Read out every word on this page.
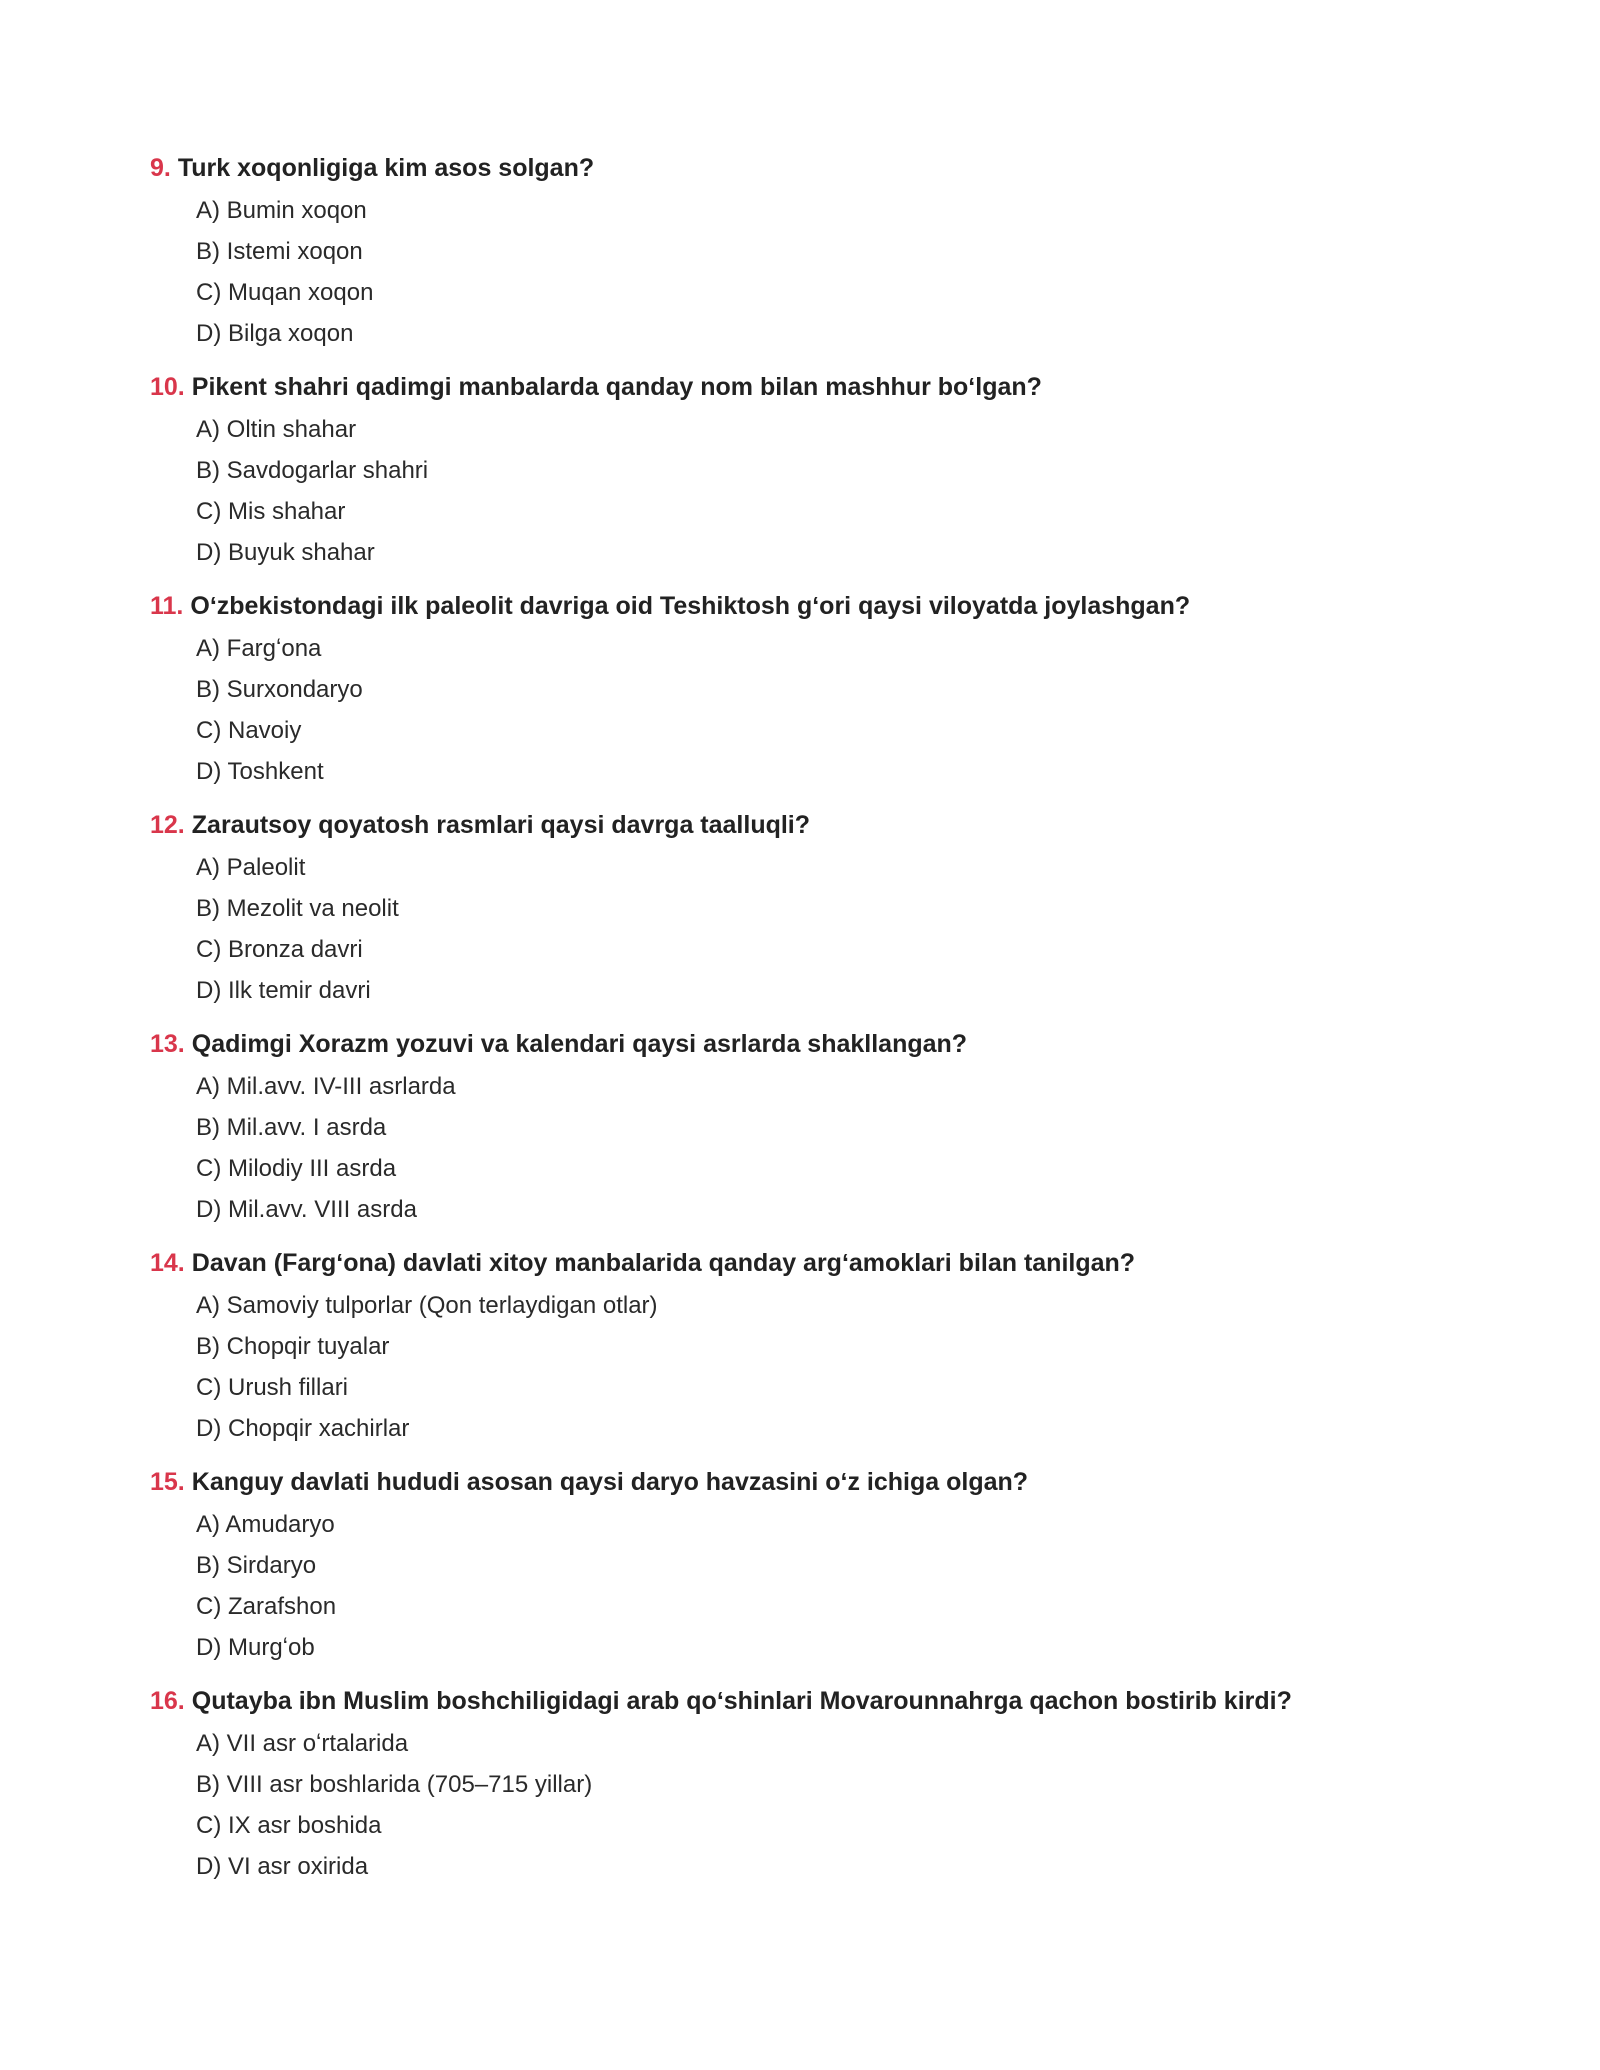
9. Turk xoqonligiga kim asos solgan?
A) Bumin xoqon
B) Istemi xoqon
C) Muqan xoqon
D) Bilga xoqon
10. Pikent shahri qadimgi manbalarda qanday nom bilan mashhur boʻlgan?
A) Oltin shahar
B) Savdogarlar shahri
C) Mis shahar
D) Buyuk shahar
11. Oʻzbekistondagi ilk paleolit davriga oid Teshiktosh gʻori qaysi viloyatda joylashgan?
A) Fargʻona
B) Surxondaryo
C) Navoiy
D) Toshkent
12. Zarautsoy qoyatosh rasmlari qaysi davrga taalluqli?
A) Paleolit
B) Mezolit va neolit
C) Bronza davri
D) Ilk temir davri
13. Qadimgi Xorazm yozuvi va kalendari qaysi asrlarda shakllangan?
A) Mil.avv. IV-III asrlarda
B) Mil.avv. I asrda
C) Milodiy III asrda
D) Mil.avv. VIII asrda
14. Davan (Fargʻona) davlati xitoy manbalarida qanday argʻamoklari bilan tanilgan?
A) Samoviy tulporlar (Qon terlaydigan otlar)
B) Chopqir tuyalar
C) Urush fillari
D) Chopqir xachirlar
15. Kanguy davlati hududi asosan qaysi daryo havzasini oʻz ichiga olgan?
A) Amudaryo
B) Sirdaryo
C) Zarafshon
D) Murgʻob
16. Qutayba ibn Muslim boshchiligidagi arab qoʻshinlari Movarounnahrga qachon bostirib kirdi?
A) VII asr oʻrtalarida
B) VIII asr boshlarida (705–715 yillar)
C) IX asr boshida
D) VI asr oxirida
